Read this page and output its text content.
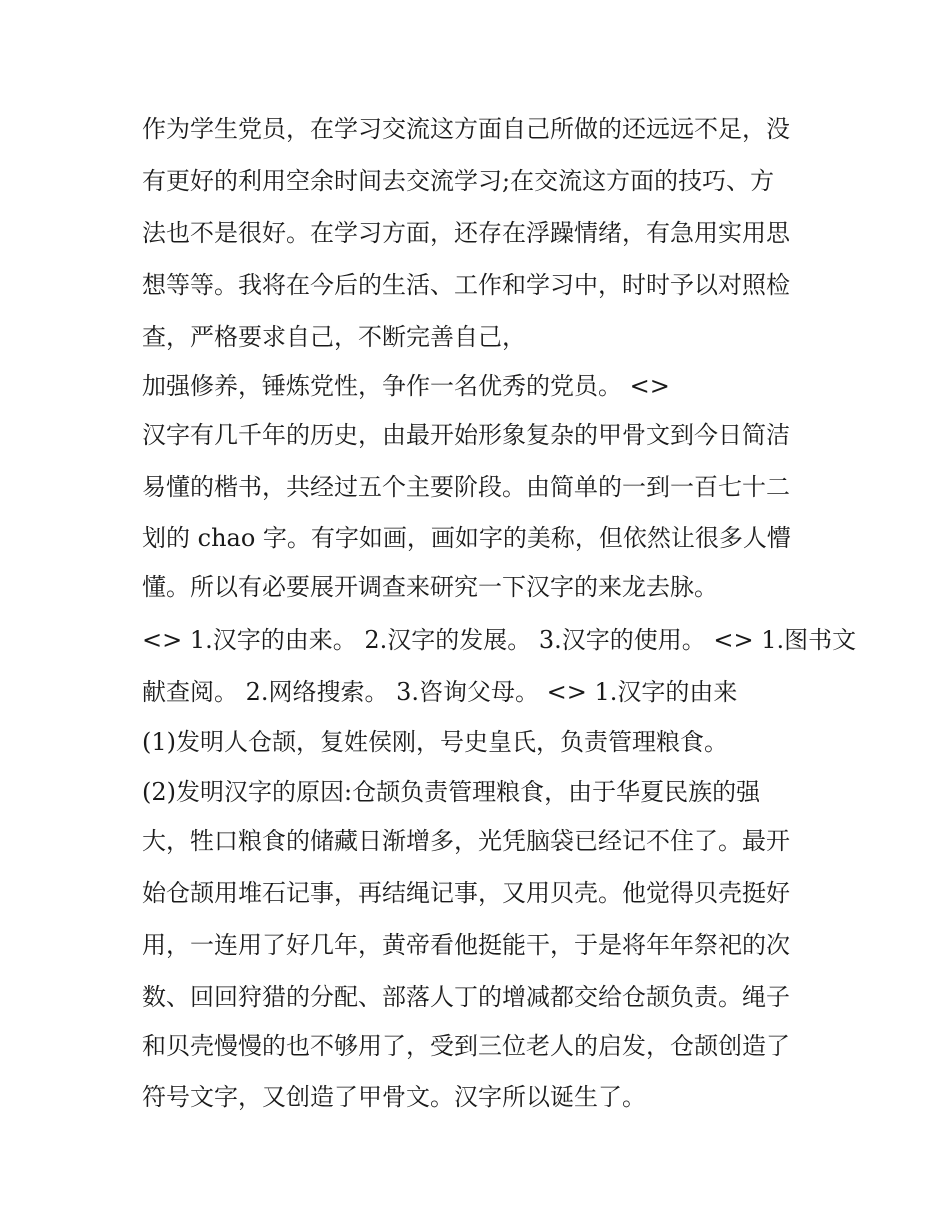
作为学生党员，在学习交流这方面自己所做的还远远不足，没
有更好的利用空余时间去交流学习;在交流这方面的技巧、方
法也不是很好。在学习方面，还存在浮躁情绪，有急用实用思
想等等。我将在今后的生活、工作和学习中，时时予以对照检
查，严格要求自己，不断完善自己，
加强修养，锤炼党性，争作一名优秀的党员。 <>
汉字有几千年的历史，由最开始形象复杂的甲骨文到今日简洁
易懂的楷书，共经过五个主要阶段。由简单的一到一百七十二
划的 chao 字。有字如画，画如字的美称，但依然让很多人懵
懂。所以有必要展开调查来研究一下汉字的来龙去脉。
<> 1.汉字的由来。 2.汉字的发展。 3.汉字的使用。 <> 1.图书文
献查阅。 2.网络搜索。 3.咨询父母。 <> 1.汉字的由来
(1)发明人仓颉，复姓侯刚，号史皇氏，负责管理粮食。
(2)发明汉字的原因:仓颉负责管理粮食，由于华夏民族的强
大，牲口粮食的储藏日渐增多，光凭脑袋已经记不住了。最开
始仓颉用堆石记事，再结绳记事，又用贝壳。他觉得贝壳挺好
用，一连用了好几年，黄帝看他挺能干，于是将年年祭祀的次
数、回回狩猎的分配、部落人丁的增减都交给仓颉负责。绳子
和贝壳慢慢的也不够用了，受到三位老人的启发，仓颉创造了
符号文字，又创造了甲骨文。汉字所以诞生了。
